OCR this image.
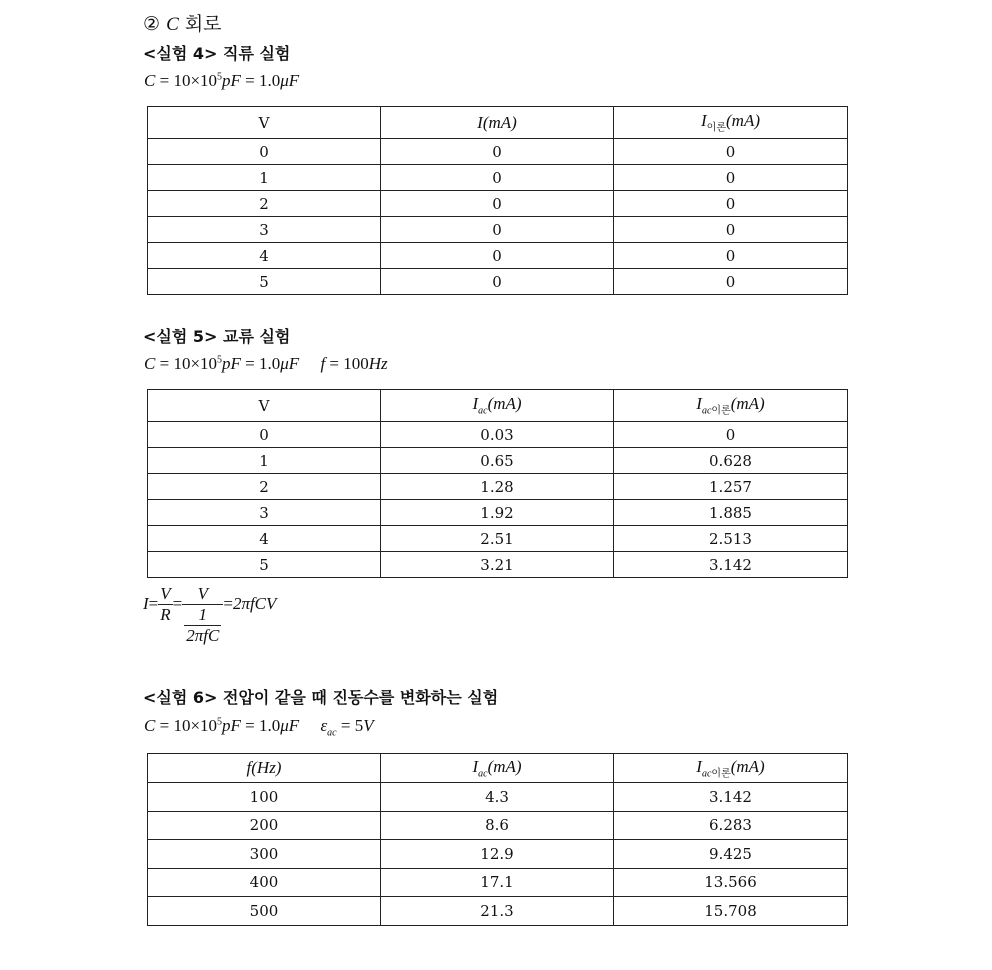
② C 회로
<실험 4> 직류 실험
$C = 10\times 10^5pF = 1.0\mu F$
V	I(mA)	$I_{이론}(mA)$
0	0	0
1	0	0
2	0	0
3	0	0
4	0	0
5	0	0
<실험 5> 교류 실험
$C = 10\times 10^5pF = 1.0\mu F$ f = 100Hz
V	$I_{ac}(mA)$	$I_{ac이론}(mA)$
0	0.03	0
1	0.65	0.628
2	1.28	1.257
3	1.92	1.885
4	2.51	2.513
5	3.21	3.142
$I = \frac{V}{R} = \frac{V}{\frac{1}{\text{2πfC}}} = 2\pi fCV$
<실험 6> 전압이 같을 때 진동수를 변화하는 실험
$C = 10\times 10^5pF = 1.0\mu F$ $\varepsilon_{ac} = 5V$
f(Hz)	$I_{ac}(mA)$	$I_{ac이론}(mA)$
100	4.3	3.142
200	8.6	6.283
300	12.9	9.425
400	17.1	13.566
500	21.3	15.708
